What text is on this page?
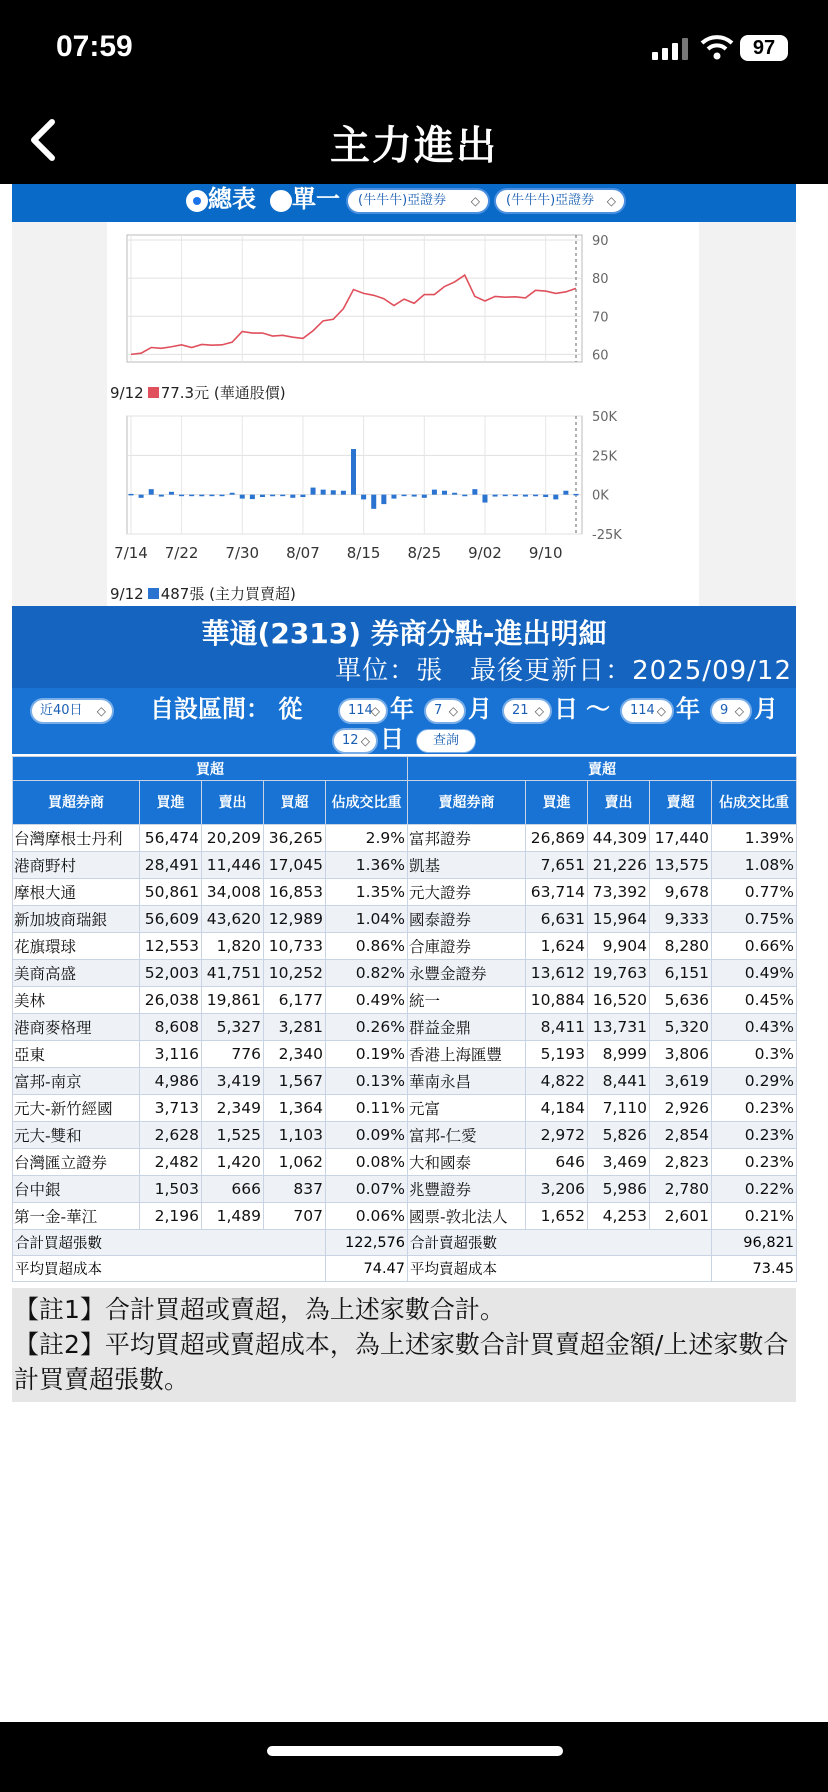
07:59	97
主力進出
總表 單一	(牛牛牛)亞證券 ◇	(牛牛牛)亞證券 ◇
90
80
70
60
9/12 77.3元 (華通股價)
50K
25K
0K
-25K
7/14 7/22 7/30 8/07 8/15 8/25 9/02 9/10
9/12 487張 (主力買賣超)
華通(2313) 券商分點-進出明細
單位：張　最後更新日：2025/09/12
近40日 ◇ 自設區間： 從	114
◇ 年	7 ◇ 月	21 ◇ 日 ～	114 ◇ 年	9 ◇ 月
12 ◇ 日	查詢
買超					賣超				
買超券商	買進	賣出	買超	佔成交比重	賣超券商	買進	賣出	賣超	佔成交比重
台灣摩根士丹利	56,474	20,209	36,265	2.9%	富邦證券	26,869	44,309	17,440	1.39%
港商野村	28,491	11,446	17,045	1.36%	凱基	7,651	21,226	13,575	1.08%
摩根大通	50,861	34,008	16,853	1.35%	元大證券	63,714	73,392	9,678	0.77%
新加坡商瑞銀	56,609	43,620	12,989	1.04%	國泰證券	6,631	15,964	9,333	0.75%
花旗環球	12,553	1,820	10,733	0.86%	合庫證券	1,624	9,904	8,280	0.66%
美商高盛	52,003	41,751	10,252	0.82%	永豐金證券	13,612	19,763	6,151	0.49%
美林	26,038	19,861	6,177	0.49%	統一	10,884	16,520	5,636	0.45%
港商麥格理	8,608	5,327	3,281	0.26%	群益金鼎	8,411	13,731	5,320	0.43%
亞東	3,116	776	2,340	0.19%	香港上海匯豐	5,193	8,999	3,806	0.3%
富邦-南京	4,986	3,419	1,567	0.13%	華南永昌	4,822	8,441	3,619	0.29%
元大-新竹經國	3,713	2,349	1,364	0.11%	元富	4,184	7,110	2,926	0.23%
元大-雙和	2,628	1,525	1,103	0.09%	富邦-仁愛	2,972	5,826	2,854	0.23%
台灣匯立證券	2,482	1,420	1,062	0.08%	大和國泰	646	3,469	2,823	0.23%
台中銀	1,503	666	837	0.07%	兆豐證券	3,206	5,986	2,780	0.22%
第一金-華江	2,196	1,489	707	0.06%	國票-敦北法人	1,652	4,253	2,601	0.21%
合計買超張數				122,576	合計賣超張數				96,821
平均買超成本				74.47	平均賣超成本				73.45
【註1】合計買超或賣超，為上述家數合計。
【註2】平均買超或賣超成本，為上述家數合計買賣超金額/上述家數合計買賣超張數。
